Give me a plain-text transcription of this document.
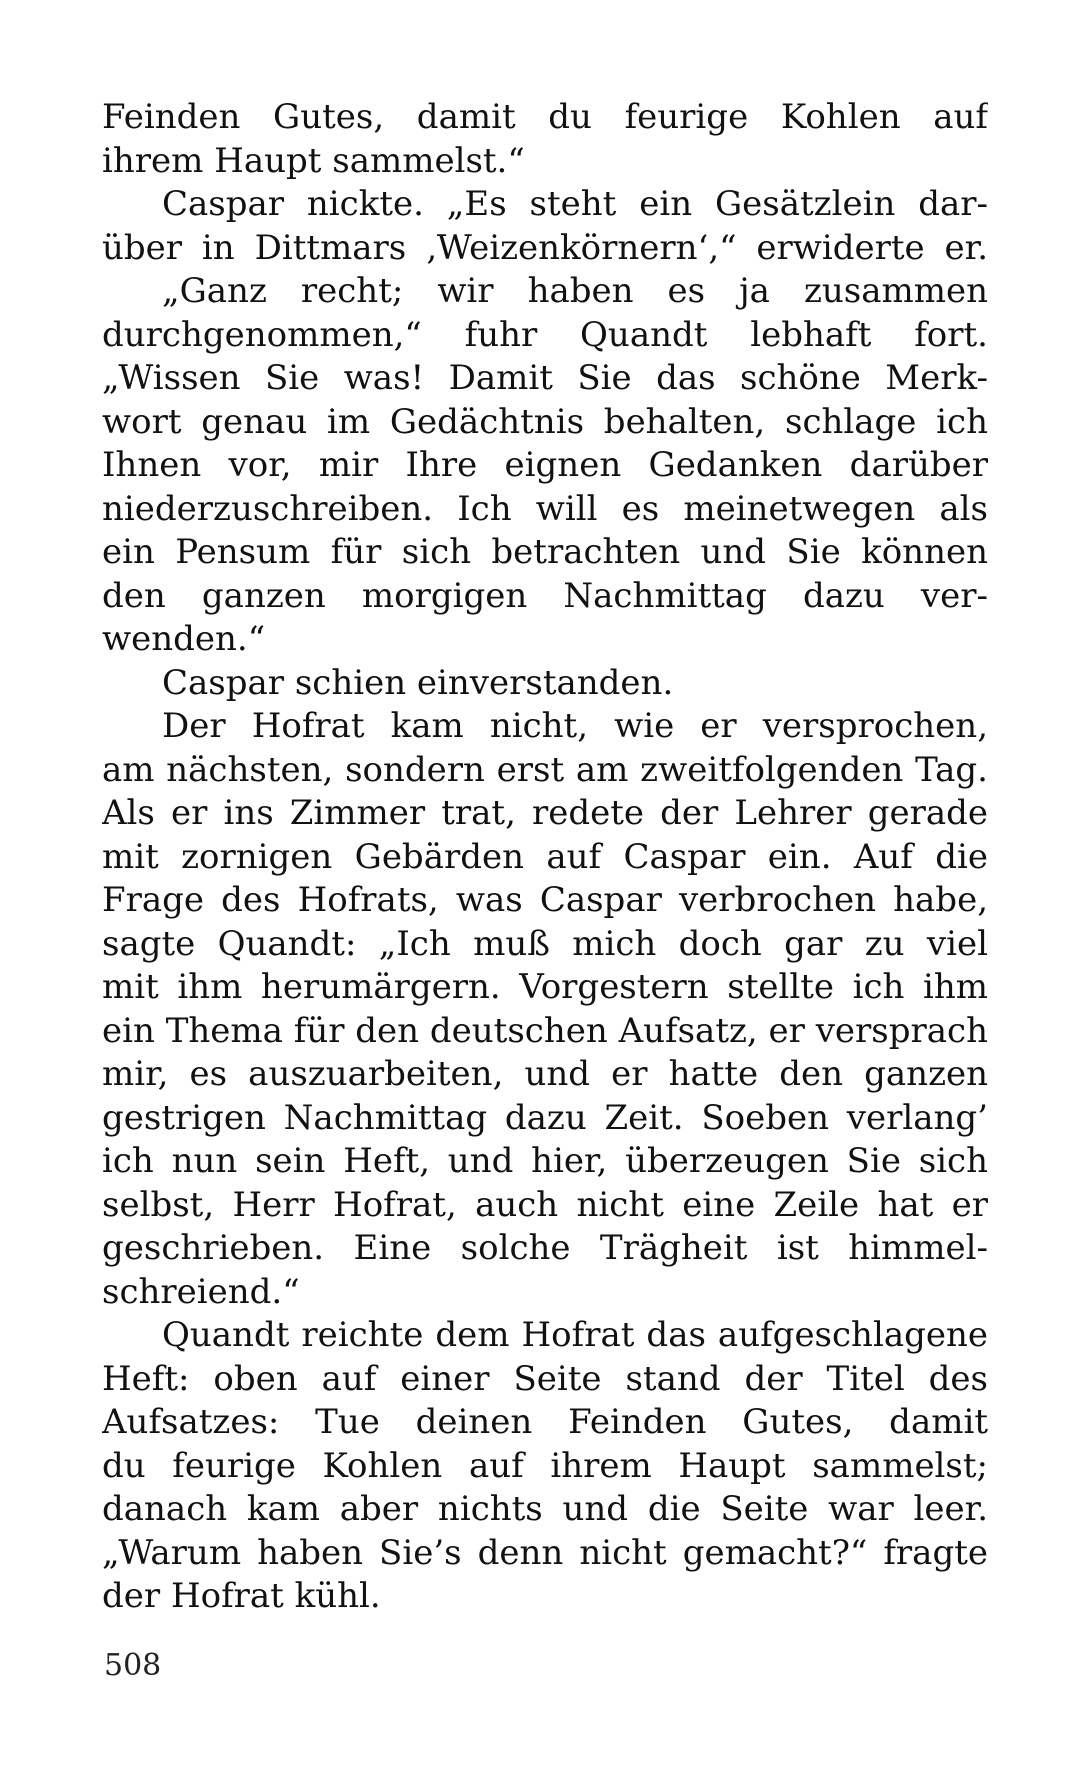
Feinden Gutes, damit du feurige Kohlen auf
ihrem Haupt sammelst.“
Caspar nickte. „Es steht ein Gesätzlein dar-
über in Dittmars ‚Weizenkörnern‘,“ erwiderte er.
„Ganz recht; wir haben es ja zusammen
durchgenommen,“ fuhr Quandt lebhaft fort.
„Wissen Sie was! Damit Sie das schöne Merk-
wort genau im Gedächtnis behalten, schlage ich
Ihnen vor, mir Ihre eignen Gedanken darüber
niederzuschreiben. Ich will es meinetwegen als
ein Pensum für sich betrachten und Sie können
den ganzen morgigen Nachmittag dazu ver-
wenden.“
Caspar schien einverstanden.
Der Hofrat kam nicht, wie er versprochen,
am nächsten, sondern erst am zweitfolgenden Tag.
Als er ins Zimmer trat, redete der Lehrer gerade
mit zornigen Gebärden auf Caspar ein. Auf die
Frage des Hofrats, was Caspar verbrochen habe,
sagte Quandt: „Ich muß mich doch gar zu viel
mit ihm herumärgern. Vorgestern stellte ich ihm
ein Thema für den deutschen Aufsatz, er versprach
mir, es auszuarbeiten, und er hatte den ganzen
gestrigen Nachmittag dazu Zeit. Soeben verlang’
ich nun sein Heft, und hier, überzeugen Sie sich
selbst, Herr Hofrat, auch nicht eine Zeile hat er
geschrieben. Eine solche Trägheit ist himmel-
schreiend.“
Quandt reichte dem Hofrat das aufgeschlagene
Heft: oben auf einer Seite stand der Titel des
Aufsatzes: Tue deinen Feinden Gutes, damit
du feurige Kohlen auf ihrem Haupt sammelst;
danach kam aber nichts und die Seite war leer.
„Warum haben Sie’s denn nicht gemacht?“ fragte
der Hofrat kühl.
508
